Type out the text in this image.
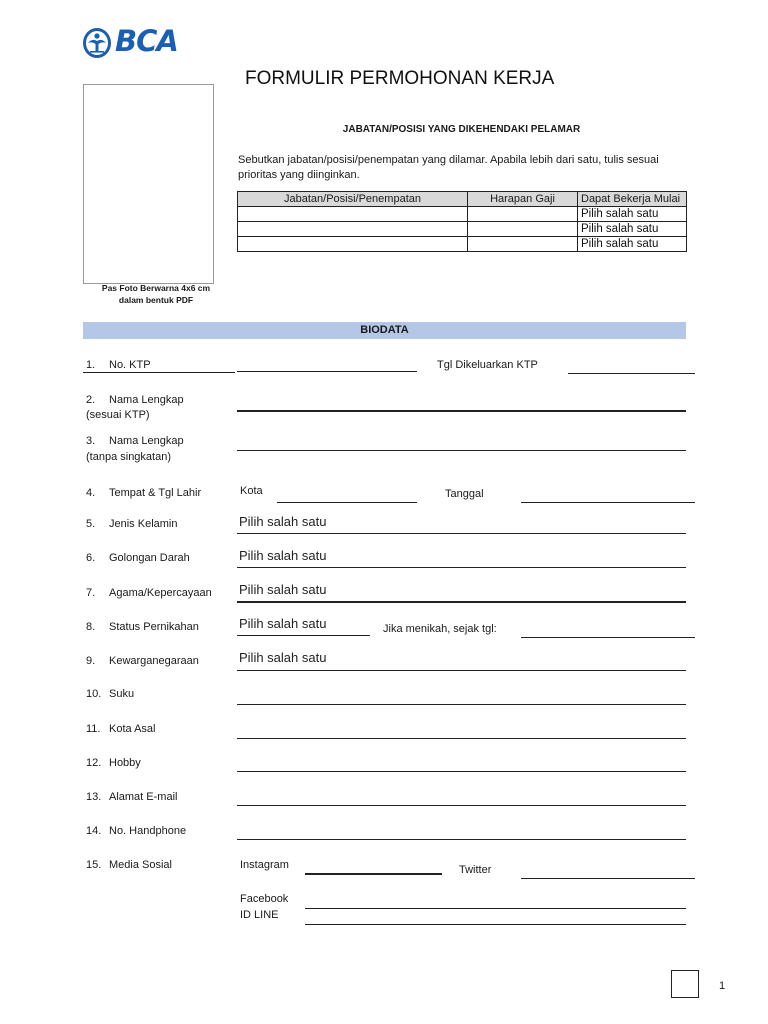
BCA
FORMULIR PERMOHONAN KERJA
Pas Foto Berwarna 4x6 cm
dalam bentuk PDF
JABATAN/POSISI YANG DIKEHENDAKI PELAMAR
Sebutkan jabatan/posisi/penempatan yang dilamar. Apabila lebih dari satu, tulis sesuai prioritas yang diinginkan.
Jabatan/Posisi/Penempatan	Harapan Gaji	Dapat Bekerja Mulai
		Pilih salah satu
		Pilih salah satu
		Pilih salah satu
BIODATA
1. No. KTP	Tgl Dikeluarkan KTP
2. Nama Lengkap
(sesuai KTP)
3. Nama Lengkap
(tanpa singkatan)
4. Tempat & Tgl Lahir	Kota	Tanggal
5. Jenis Kelamin	Pilih salah satu
6. Golongan Darah	Pilih salah satu
7. Agama/Kepercayaan Pilih salah satu
8. Status Pernikahan	Pilih salah satu	Jika menikah, sejak tgl:
9. Kewarganegaraan	Pilih salah satu
10. Suku
11. Kota Asal
12. Hobby
13. Alamat E-mail
14. No. Handphone
15. Media Sosial	Instagram	Twitter
Facebook
ID LINE
1
